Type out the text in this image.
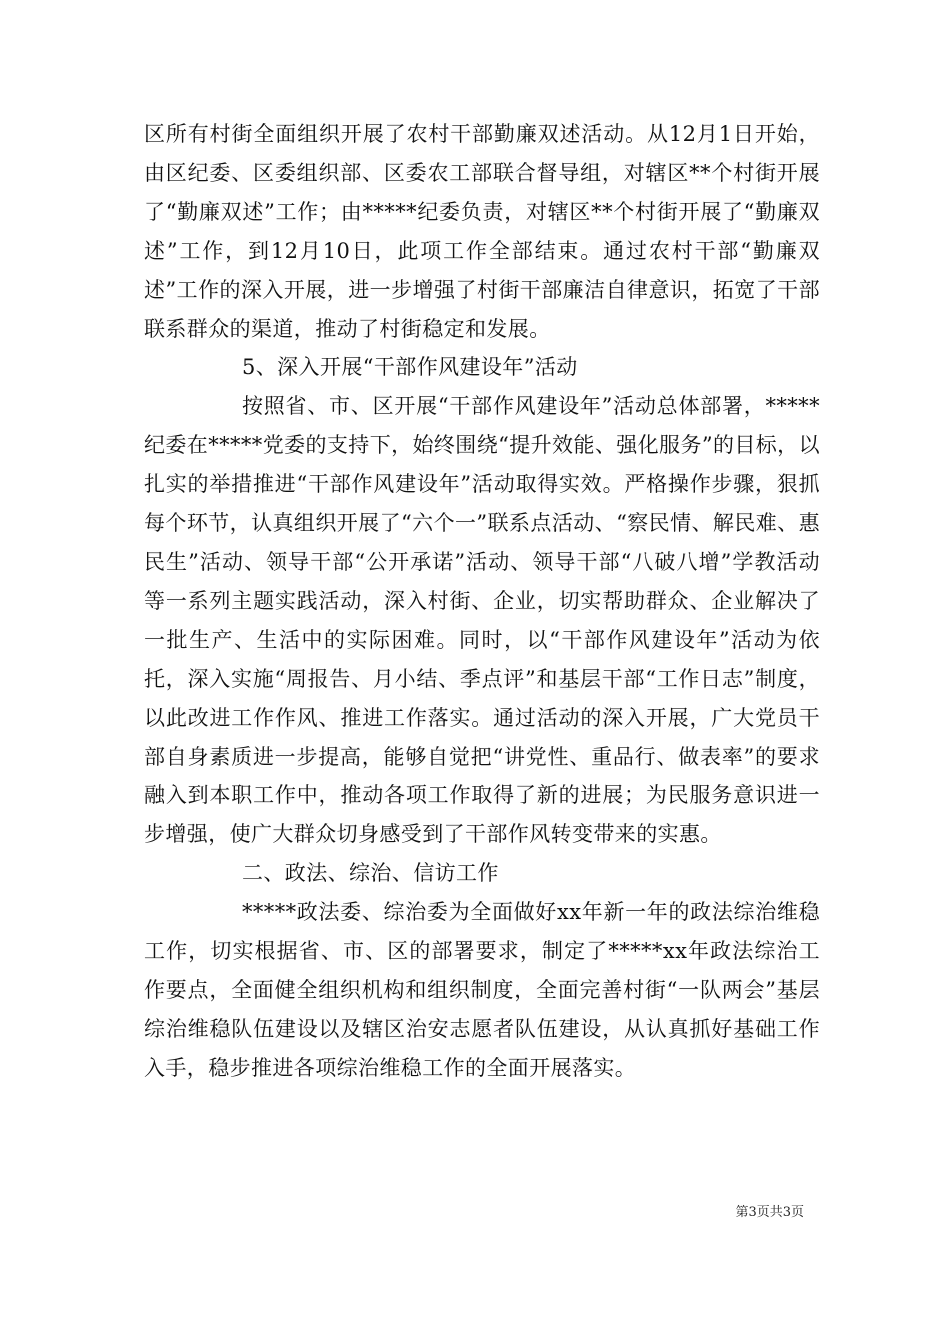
区所有村街全面组织开展了农村干部勤廉双述活动。从12月1日开始，由区纪委、区委组织部、区委农工部联合督导组，对辖区**个村街开展了“勤廉双述”工作；由*****纪委负责，对辖区**个村街开展了“勤廉双述”工作，到12月10日，此项工作全部结束。通过农村干部“勤廉双述”工作的深入开展，进一步增强了村街干部廉洁自律意识，拓宽了干部联系群众的渠道，推动了村街稳定和发展。

5、深入开展“干部作风建设年”活动

按照省、市、区开展“干部作风建设年”活动总体部署，*****纪委在*****党委的支持下，始终围绕“提升效能、强化服务”的目标，以扎实的举措推进“干部作风建设年”活动取得实效。严格操作步骤，狠抓每个环节，认真组织开展了“六个一”联系点活动、“察民情、解民难、惠民生”活动、领导干部“公开承诺”活动、领导干部“八破八增”学教活动等一系列主题实践活动，深入村街、企业，切实帮助群众、企业解决了一批生产、生活中的实际困难。同时，以“干部作风建设年”活动为依托，深入实施“周报告、月小结、季点评”和基层干部“工作日志”制度，以此改进工作作风、推进工作落实。通过活动的深入开展，广大党员干部自身素质进一步提高，能够自觉把“讲党性、重品行、做表率”的要求融入到本职工作中，推动各项工作取得了新的进展；为民服务意识进一步增强，使广大群众切身感受到了干部作风转变带来的实惠。

二、政法、综治、信访工作

*****政法委、综治委为全面做好xx年新一年的政法综治维稳工作，切实根据省、市、区的部署要求，制定了*****xx年政法综治工作要点，全面健全组织机构和组织制度，全面完善村街“一队两会”基层综治维稳队伍建设以及辖区治安志愿者队伍建设，从认真抓好基础工作入手，稳步推进各项综治维稳工作的全面开展落实。

第3页共3页
